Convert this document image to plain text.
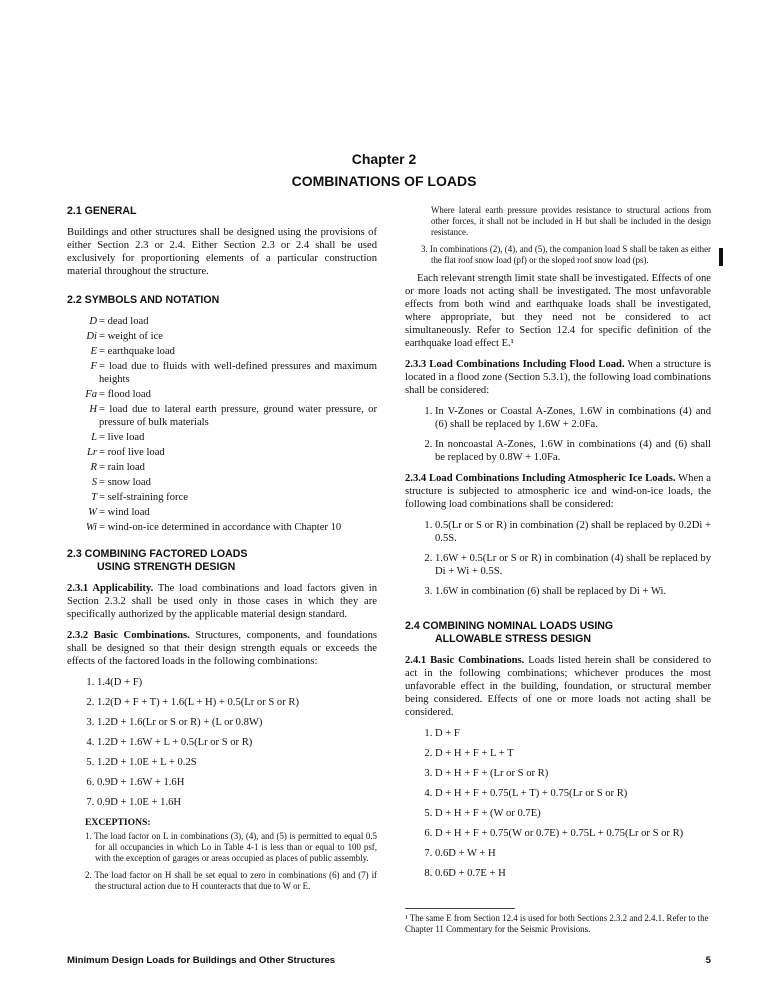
Chapter 2
COMBINATIONS OF LOADS
2.1 GENERAL

Buildings and other structures shall be designed using the provisions of either Section 2.3 or 2.4. Either Section 2.3 or 2.4 shall be used exclusively for proportioning elements of a particular construction material throughout the structure.

2.2 SYMBOLS AND NOTATION
D = dead load
Di = weight of ice
E = earthquake load
F = load due to fluids with well-defined pressures and maximum heights
Fa = flood load
H = load due to lateral earth pressure, ground water pressure, or pressure of bulk materials
L = live load
Lr = roof live load
R = rain load
S = snow load
T = self-straining force
W = wind load
Wi = wind-on-ice determined in accordance with Chapter 10
2.3 COMBINING FACTORED LOADS
USING STRENGTH DESIGN

2.3.1 Applicability. The load combinations and load factors given in Section 2.3.2 shall be used only in those cases in which they are specifically authorized by the applicable material design standard.

2.3.2 Basic Combinations. Structures, components, and foundations shall be designed so that their design strength equals or exceeds the effects of the factored loads in the following combinations:

1. 1.4(D + F)
2. 1.2(D + F + T) + 1.6(L + H) + 0.5(Lr or S or R)
3. 1.2D + 1.6(Lr or S or R) + (L or 0.8W)
4. 1.2D + 1.6W + L + 0.5(Lr or S or R)
5. 1.2D + 1.0E + L + 0.2S
6. 0.9D + 1.6W + 1.6H
7. 0.9D + 1.0E + 1.6H
EXCEPTIONS:
1. The load factor on L in combinations (3), (4), and (5) is permitted to equal 0.5 for all occupancies in which Lo in Table 4-1 is less than or equal to 100 psf, with the exception of garages or areas occupied as places of public assembly.
2. The load factor on H shall be set equal to zero in combinations (6) and (7) if the structural action due to H counteracts that due to W or E.
Where lateral earth pressure provides resistance to structural actions from other forces, it shall not be included in H but shall be included in the design resistance.
3. In combinations (2), (4), and (5), the companion load S shall be taken as either the flat roof snow load (pf) or the sloped roof snow load (ps).

Each relevant strength limit state shall be investigated. Effects of one or more loads not acting shall be investigated. The most unfavorable effects from both wind and earthquake loads shall be investigated, where appropriate, but they need not be considered to act simultaneously. Refer to Section 12.4 for specific definition of the earthquake load effect E.¹

2.3.3 Load Combinations Including Flood Load. When a structure is located in a flood zone (Section 5.3.1), the following load combinations shall be considered:

1. In V-Zones or Coastal A-Zones, 1.6W in combinations (4) and (6) shall be replaced by 1.6W + 2.0Fa.
2. In noncoastal A-Zones, 1.6W in combinations (4) and (6) shall be replaced by 0.8W + 1.0Fa.

2.3.4 Load Combinations Including Atmospheric Ice Loads. When a structure is subjected to atmospheric ice and wind-on-ice loads, the following load combinations shall be considered:

1. 0.5(Lr or S or R) in combination (2) shall be replaced by 0.2Di + 0.5S.
2. 1.6W + 0.5(Lr or S or R) in combination (4) shall be replaced by Di + Wi + 0.5S.
3. 1.6W in combination (6) shall be replaced by Di + Wi.
2.4 COMBINING NOMINAL LOADS USING
ALLOWABLE STRESS DESIGN

2.4.1 Basic Combinations. Loads listed herein shall be considered to act in the following combinations; whichever produces the most unfavorable effect in the building, foundation, or structural member being considered. Effects of one or more loads not acting shall be considered.

1. D + F
2. D + H + F + L + T
3. D + H + F + (Lr or S or R)
4. D + H + F + 0.75(L + T) + 0.75(Lr or S or R)
5. D + H + F + (W or 0.7E)
6. D + H + F + 0.75(W or 0.7E) + 0.75L + 0.75(Lr or S or R)
7. 0.6D + W + H
8. 0.6D + 0.7E + H
¹ The same E from Section 12.4 is used for both Sections 2.3.2 and 2.4.1. Refer to the Chapter 11 Commentary for the Seismic Provisions.
Minimum Design Loads for Buildings and Other Structures	5
